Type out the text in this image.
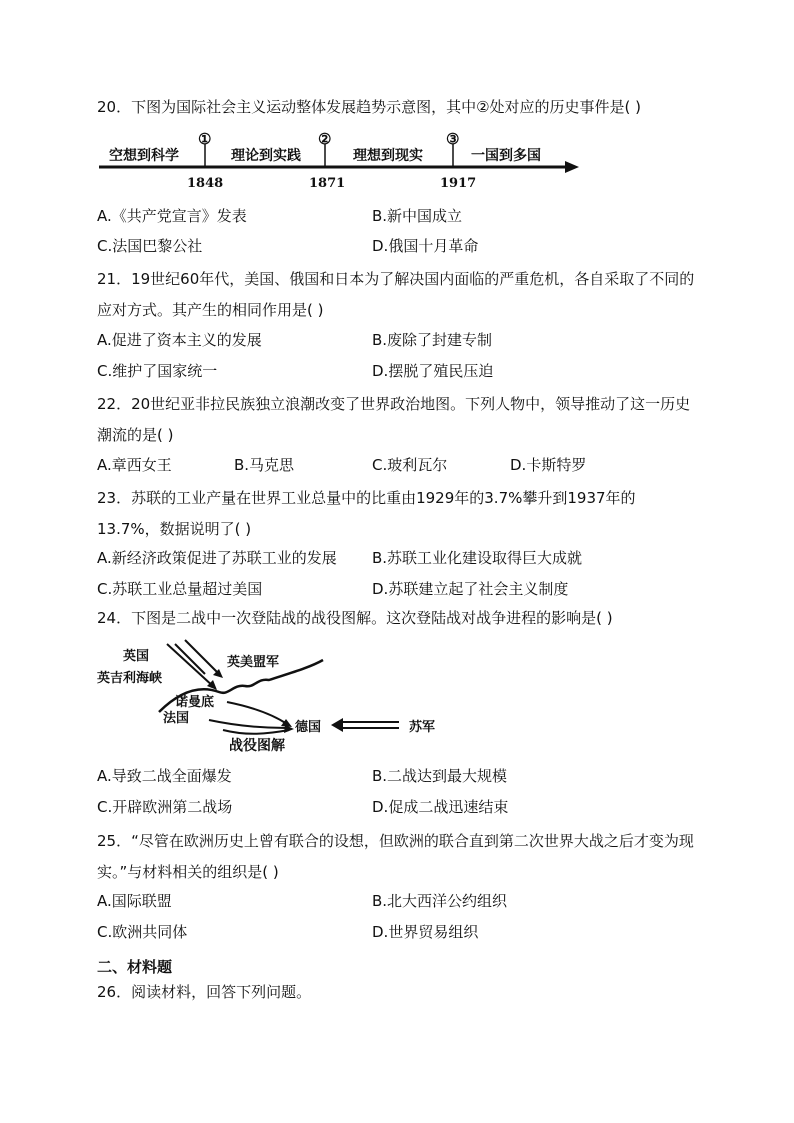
20．下图为国际社会主义运动整体发展趋势示意图，其中②处对应的历史事件是( )
空想到科学	理论到实践	理想到现实	一国到多国
①	②	③
1848	1871	1917
A.《共产党宣言》发表	B.新中国成立
C.法国巴黎公社	D.俄国十月革命
21．19世纪60年代，美国、俄国和日本为了解决国内面临的严重危机，各自采取了不同的应对方式。其产生的相同作用是( )
A.促进了资本主义的发展	B.废除了封建专制
C.维护了国家统一	D.摆脱了殖民压迫
22．20世纪亚非拉民族独立浪潮改变了世界政治地图。下列人物中，领导推动了这一历史潮流的是( )
A.章西女王	B.马克思	C.玻利瓦尔	D.卡斯特罗
23．苏联的工业产量在世界工业总量中的比重由1929年的3.7%攀升到1937年的13.7%，数据说明了( )
A.新经济政策促进了苏联工业的发展 B.苏联工业化建设取得巨大成就
C.苏联工业总量超过美国	D.苏联建立起了社会主义制度
24．下图是二战中一次登陆战的战役图解。这次登陆战对战争进程的影响是( )
英国	英美盟军
英吉利海峡
诺曼底
法国
德国	苏军
战役图解
A.导致二战全面爆发	B.二战达到最大规模
C.开辟欧洲第二战场	D.促成二战迅速结束
25．“尽管在欧洲历史上曾有联合的设想，但欧洲的联合直到第二次世界大战之后才变为现实。”与材料相关的组织是( )
A.国际联盟	B.北大西洋公约组织
C.欧洲共同体	D.世界贸易组织
二、材料题
26．阅读材料，回答下列问题。
